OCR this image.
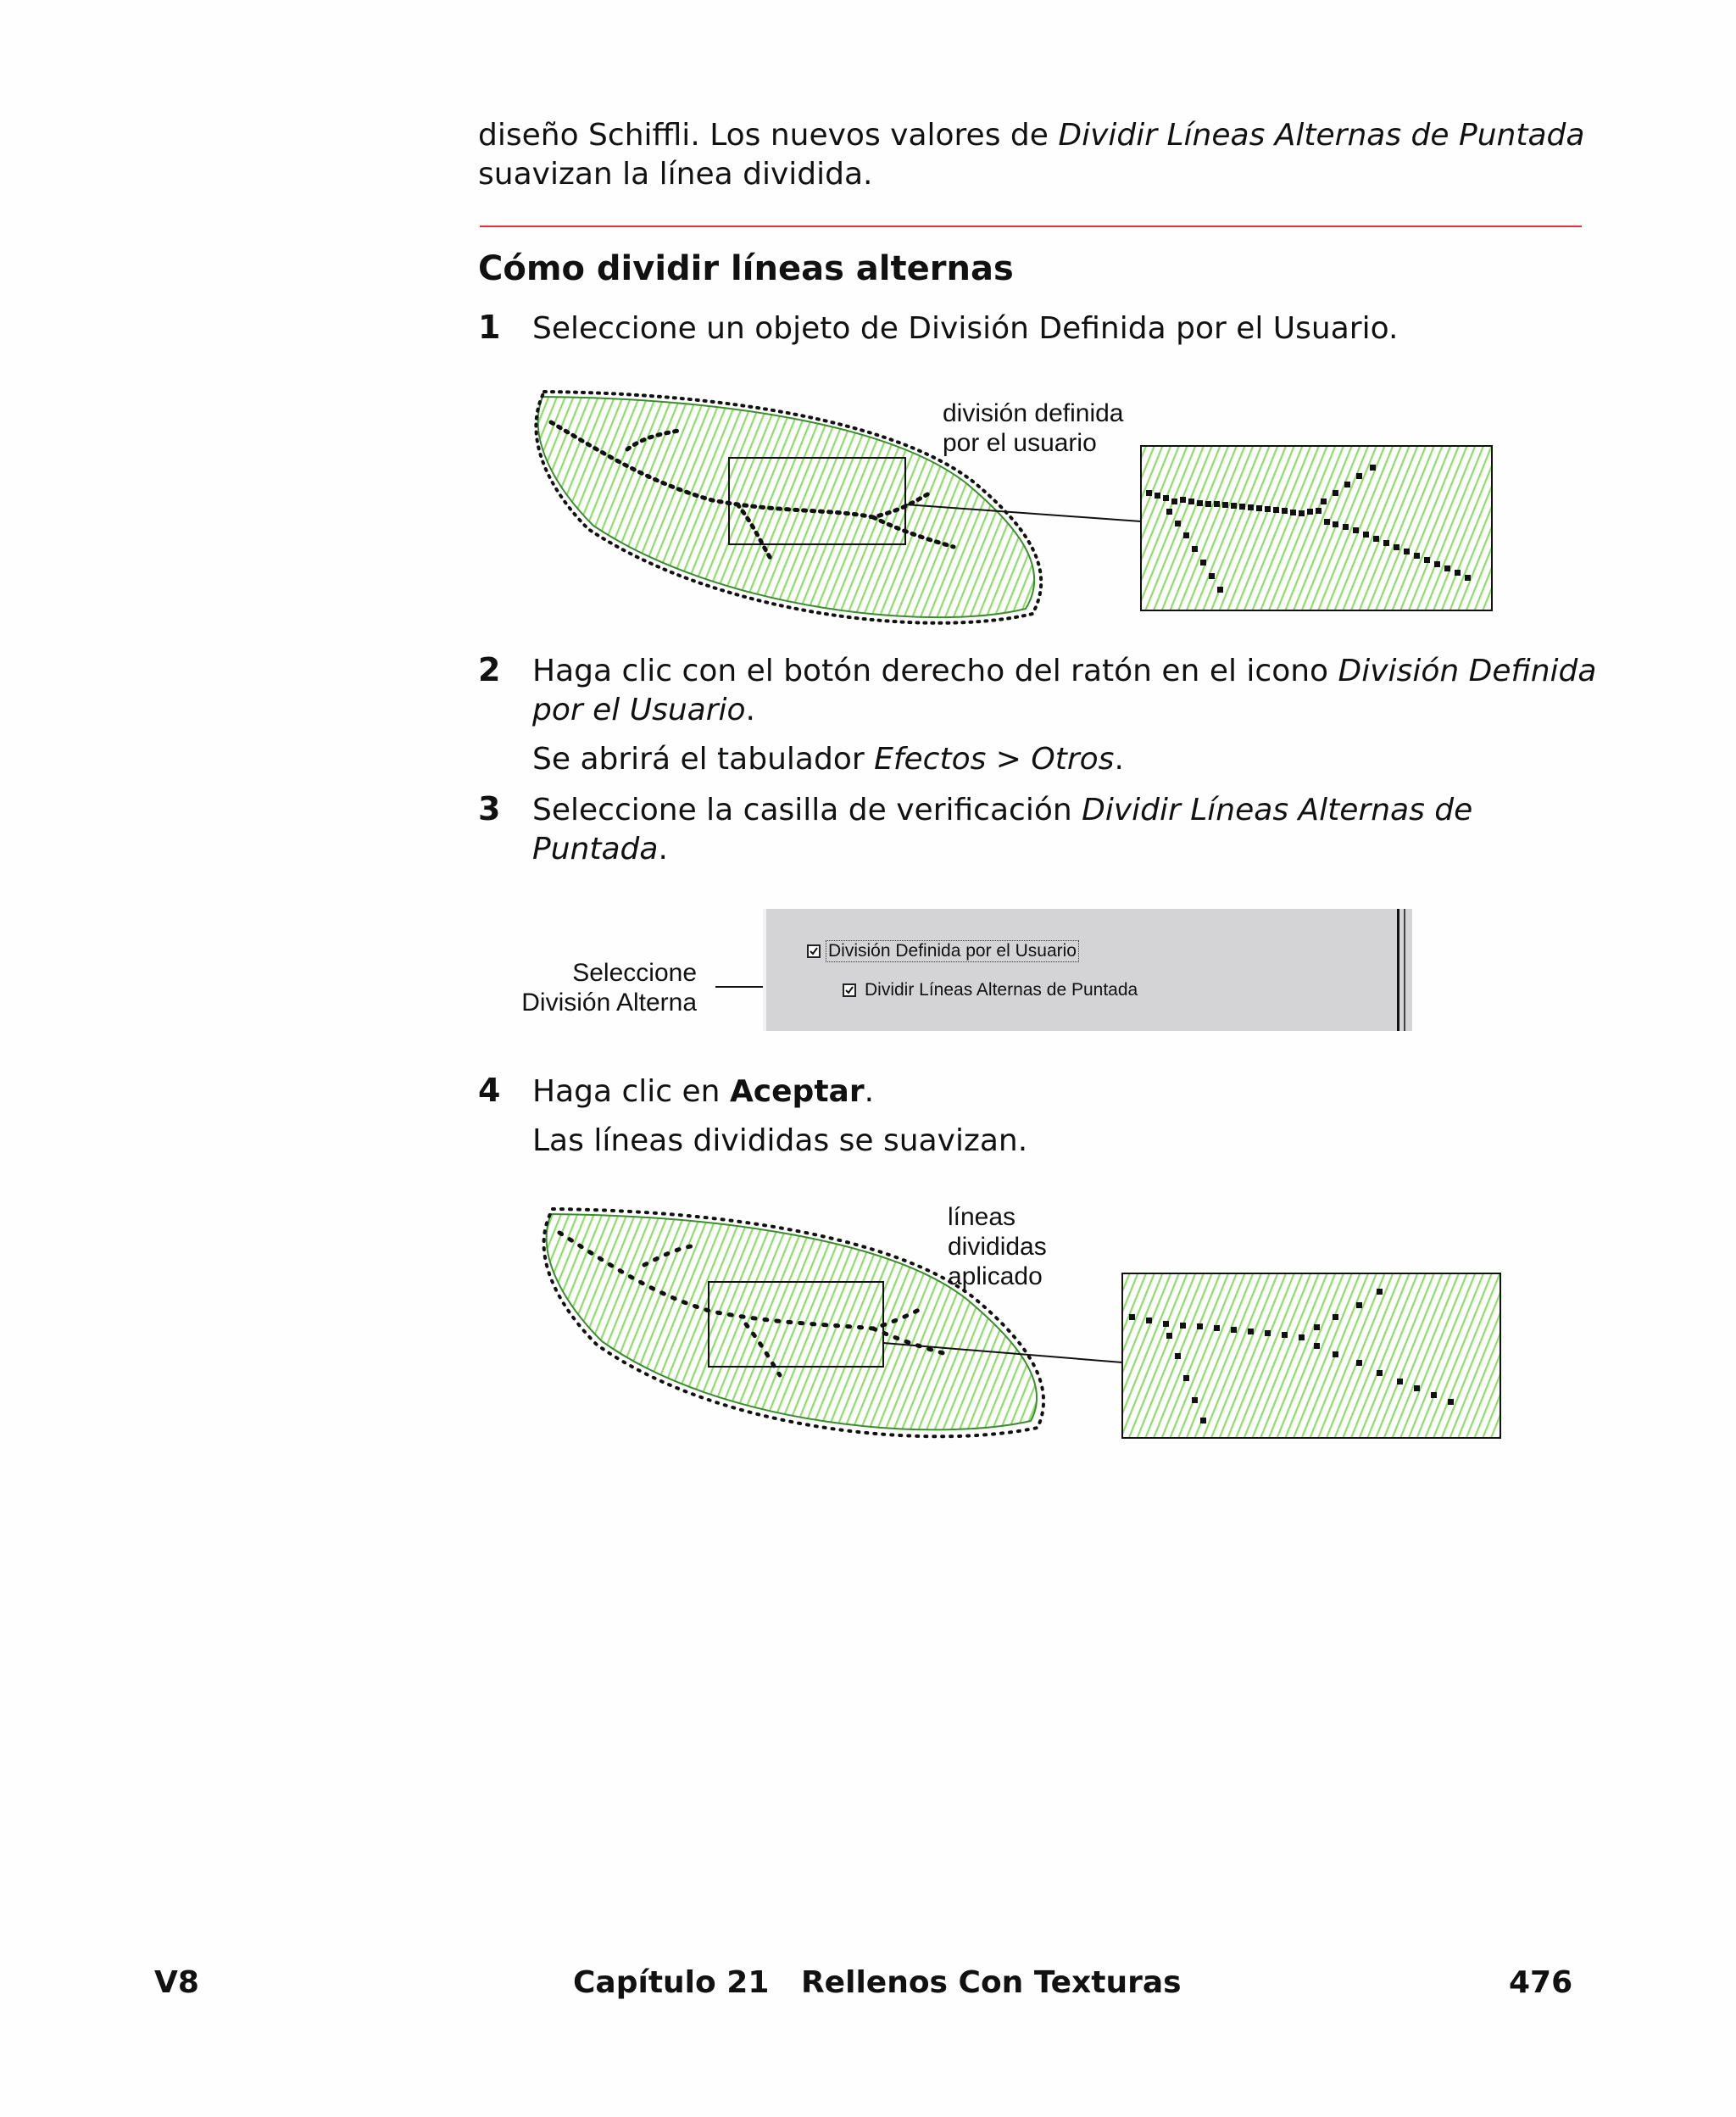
diseño Schiffli. Los nuevos valores de Dividir Líneas Alternas de Puntada
suavizan la línea dividida.
Cómo dividir líneas alternas
1 Seleccione un objeto de División Definida por el Usuario.
división definida
por el usuario
2 Haga clic con el botón derecho del ratón en el icono División Definida
por el Usuario.
Se abrirá el tabulador Efectos > Otros.
3 Seleccione la casilla de verificación Dividir Líneas Alternas de
Puntada.
Seleccione
División Alterna
División Definida por el Usuario
Dividir Líneas Alternas de Puntada
4 Haga clic en Aceptar.
Las líneas divididas se suavizan.
líneas
divididas
aplicado
V8	Capítulo 21   Rellenos Con Texturas	476
